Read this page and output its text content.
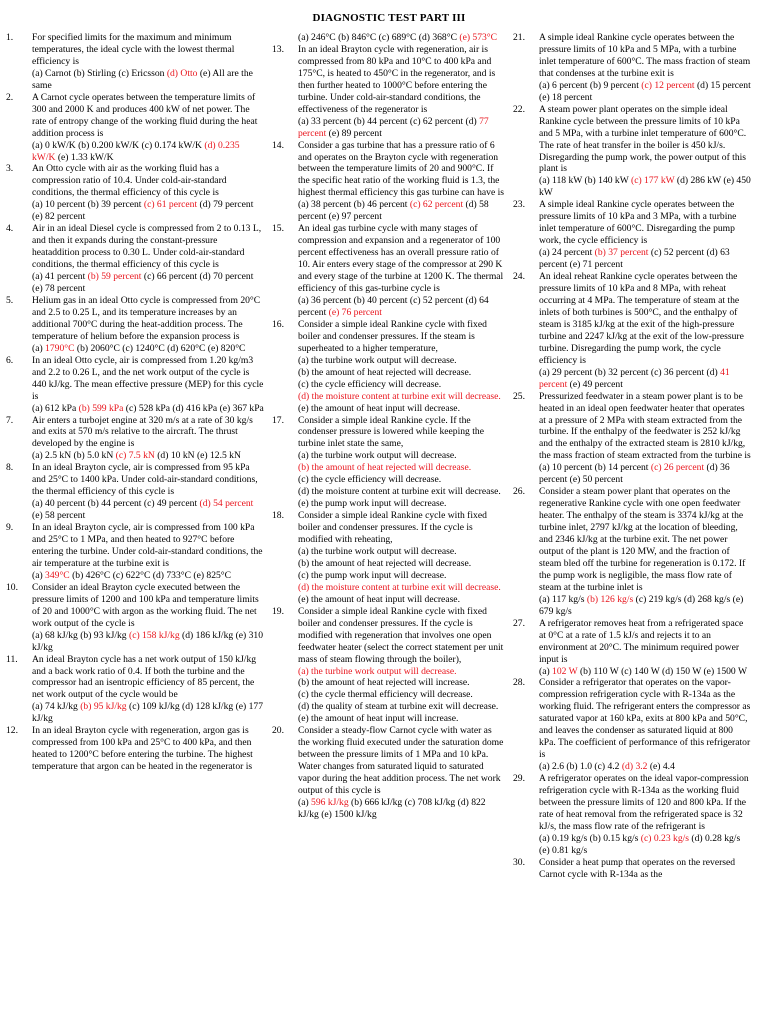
DIAGNOSTIC TEST PART III
1.	For specified limits for the maximum and minimum temperatures, the ideal cycle with the lowest thermal efficiency is
(a) Carnot (b) Stirling (c) Ericsson (d) Otto (e) All are the same
2.	A Carnot cycle operates between the temperature limits of 300 and 2000 K and produces 400 kW of net power. The rate of entropy change of the working fluid during the heat addition process is
(a) 0 kW/K (b) 0.200 kW/K (c) 0.174 kW/K (d) 0.235 kW/K (e) 1.33 kW/K
3.	An Otto cycle with air as the working fluid has a compression ratio of 10.4. Under cold-air-standard conditions, the thermal efficiency of this cycle is
(a) 10 percent (b) 39 percent (c) 61 percent (d) 79 percent (e) 82 percent
4.	Air in an ideal Diesel cycle is compressed from 2 to 0.13 L, and then it expands during the constant-pressure heataddition process to 0.30 L. Under cold-air-standard conditions, the thermal efficiency of this cycle is
(a) 41 percent (b) 59 percent (c) 66 percent (d) 70 percent (e) 78 percent
5.	Helium gas in an ideal Otto cycle is compressed from 20°C and 2.5 to 0.25 L, and its temperature increases by an additional 700°C during the heat-addition process. The temperature of helium before the expansion process is
(a) 1790°C (b) 2060°C (c) 1240°C (d) 620°C (e) 820°C
6.	In an ideal Otto cycle, air is compressed from 1.20 kg/m3 and 2.2 to 0.26 L, and the net work output of the cycle is 440 kJ/kg. The mean effective pressure (MEP) for this cycle is
(a) 612 kPa (b) 599 kPa (c) 528 kPa (d) 416 kPa (e) 367 kPa
7.	Air enters a turbojet engine at 320 m/s at a rate of 30 kg/s and exits at 570 m/s relative to the aircraft. The thrust developed by the engine is
(a) 2.5 kN (b) 5.0 kN (c) 7.5 kN (d) 10 kN (e) 12.5 kN
8.	In an ideal Brayton cycle, air is compressed from 95 kPa and 25°C to 1400 kPa. Under cold-air-standard conditions, the thermal efficiency of this cycle is
(a) 40 percent (b) 44 percent (c) 49 percent (d) 54 percent (e) 58 percent
9.	In an ideal Brayton cycle, air is compressed from 100 kPa and 25°C to 1 MPa, and then heated to 927°C before entering the turbine. Under cold-air-standard conditions, the air temperature at the turbine exit is
(a) 349°C (b) 426°C (c) 622°C (d) 733°C (e) 825°C
10.	Consider an ideal Brayton cycle executed between the pressure limits of 1200 and 100 kPa and temperature limits of 20 and 1000°C with argon as the working fluid. The net work output of the cycle is
(a) 68 kJ/kg (b) 93 kJ/kg (c) 158 kJ/kg (d) 186 kJ/kg (e) 310 kJ/kg
11.	An ideal Brayton cycle has a net work output of 150 kJ/kg and a back work ratio of 0.4. If both the turbine and the compressor had an isentropic efficiency of 85 percent, the net work output of the cycle would be
(a) 74 kJ/kg (b) 95 kJ/kg (c) 109 kJ/kg (d) 128 kJ/kg (e) 177 kJ/kg
12.	In an ideal Brayton cycle with regeneration, argon gas is compressed from 100 kPa and 25°C to 400 kPa, and then heated to 1200°C before entering the turbine. The highest temperature that argon can be heated in the regenerator is
(a) 246°C (b) 846°C (c) 689°C (d) 368°C (e) 573°C
13.	In an ideal Brayton cycle with regeneration, air is compressed from 80 kPa and 10°C to 400 kPa and 175°C, is heated to 450°C in the regenerator, and is then further heated to 1000°C before entering the turbine. Under cold-air-standard conditions, the effectiveness of the regenerator is
(a) 33 percent (b) 44 percent (c) 62 percent (d) 77 percent (e) 89 percent
14.	Consider a gas turbine that has a pressure ratio of 6 and operates on the Brayton cycle with regeneration between the temperature limits of 20 and 900°C. If the specific heat ratio of the working fluid is 1.3, the highest thermal efficiency this gas turbine can have is
(a) 38 percent (b) 46 percent (c) 62 percent (d) 58 percent (e) 97 percent
15.	An ideal gas turbine cycle with many stages of compression and expansion and a regenerator of 100 percent effectiveness has an overall pressure ratio of 10. Air enters every stage of the compressor at 290 K and every stage of the turbine at 1200 K. The thermal efficiency of this gas-turbine cycle is
(a) 36 percent (b) 40 percent (c) 52 percent (d) 64 percent (e) 76 percent
16.	Consider a simple ideal Rankine cycle with fixed boiler and condenser pressures. If the steam is superheated to a higher temperature,
(a) the turbine work output will decrease.
(b) the amount of heat rejected will decrease.
(c) the cycle efficiency will decrease.
(d) the moisture content at turbine exit will decrease.
(e) the amount of heat input will decrease.
17.	Consider a simple ideal Rankine cycle. If the condenser pressure is lowered while keeping the turbine inlet state the same,
(a) the turbine work output will decrease.
(b) the amount of heat rejected will decrease.
(c) the cycle efficiency will decrease.
(d) the moisture content at turbine exit will decrease.
(e) the pump work input will decrease.
18.	Consider a simple ideal Rankine cycle with fixed boiler and condenser pressures. If the cycle is modified with reheating,
(a) the turbine work output will decrease.
(b) the amount of heat rejected will decrease.
(c) the pump work input will decrease.
(d) the moisture content at turbine exit will decrease.
(e) the amount of heat input will decrease.
19.	Consider a simple ideal Rankine cycle with fixed boiler and condenser pressures. If the cycle is modified with regeneration that involves one open feedwater heater (select the correct statement per unit mass of steam flowing through the boiler),
(a) the turbine work output will decrease.
(b) the amount of heat rejected will increase.
(c) the cycle thermal efficiency will decrease.
(d) the quality of steam at turbine exit will decrease.
(e) the amount of heat input will increase.
20.	Consider a steady-flow Carnot cycle with water as the working fluid executed under the saturation dome between the pressure limits of 1 MPa and 10 kPa. Water changes from saturated liquid to saturated vapor during the heat addition process. The net work output of this cycle is
(a) 596 kJ/kg (b) 666 kJ/kg (c) 708 kJ/kg (d) 822 kJ/kg (e) 1500 kJ/kg
21.	A simple ideal Rankine cycle operates between the pressure limits of 10 kPa and 5 MPa, with a turbine inlet temperature of 600°C. The mass fraction of steam that condenses at the turbine exit is
(a) 6 percent (b) 9 percent (c) 12 percent (d) 15 percent (e) 18 percent
22.	A steam power plant operates on the simple ideal Rankine cycle between the pressure limits of 10 kPa and 5 MPa, with a turbine inlet temperature of 600°C. The rate of heat transfer in the boiler is 450 kJ/s. Disregarding the pump work, the power output of this plant is
(a) 118 kW (b) 140 kW (c) 177 kW (d) 286 kW (e) 450 kW
23.	A simple ideal Rankine cycle operates between the pressure limits of 10 kPa and 3 MPa, with a turbine inlet temperature of 600°C. Disregarding the pump work, the cycle efficiency is
(a) 24 percent (b) 37 percent (c) 52 percent (d) 63 percent (e) 71 percent
24.	An ideal reheat Rankine cycle operates between the pressure limits of 10 kPa and 8 MPa, with reheat occurring at 4 MPa. The temperature of steam at the inlets of both turbines is 500°C, and the enthalpy of steam is 3185 kJ/kg at the exit of the high-pressure turbine and 2247 kJ/kg at the exit of the low-pressure turbine. Disregarding the pump work, the cycle efficiency is
(a) 29 percent (b) 32 percent (c) 36 percent (d) 41 percent (e) 49 percent
25.	Pressurized feedwater in a steam power plant is to be heated in an ideal open feedwater heater that operates at a pressure of 2 MPa with steam extracted from the turbine. If the enthalpy of the feedwater is 252 kJ/kg and the enthalpy of the extracted steam is 2810 kJ/kg, the mass fraction of steam extracted from the turbine is
(a) 10 percent (b) 14 percent (c) 26 percent (d) 36 percent (e) 50 percent
26.	Consider a steam power plant that operates on the regenerative Rankine cycle with one open feedwater heater. The enthalpy of the steam is 3374 kJ/kg at the turbine inlet, 2797 kJ/kg at the location of bleeding, and 2346 kJ/kg at the turbine exit. The net power output of the plant is 120 MW, and the fraction of steam bled off the turbine for regeneration is 0.172. If the pump work is negligible, the mass flow rate of steam at the turbine inlet is
(a) 117 kg/s (b) 126 kg/s (c) 219 kg/s (d) 268 kg/s (e) 679 kg/s
27.	A refrigerator removes heat from a refrigerated space at 0°C at a rate of 1.5 kJ/s and rejects it to an environment at 20°C. The minimum required power input is
(a) 102 W (b) 110 W (c) 140 W (d) 150 W (e) 1500 W
28.	Consider a refrigerator that operates on the vapor-compression refrigeration cycle with R-134a as the working fluid. The refrigerant enters the compressor as saturated vapor at 160 kPa, exits at 800 kPa and 50°C, and leaves the condenser as saturated liquid at 800 kPa. The coefficient of performance of this refrigerator is
(a) 2.6 (b) 1.0 (c) 4.2 (d) 3.2 (e) 4.4
29.	A refrigerator operates on the ideal vapor-compression refrigeration cycle with R-134a as the working fluid between the pressure limits of 120 and 800 kPa. If the rate of heat removal from the refrigerated space is 32 kJ/s, the mass flow rate of the refrigerant is
(a) 0.19 kg/s (b) 0.15 kg/s (c) 0.23 kg/s (d) 0.28 kg/s (e) 0.81 kg/s
30.	Consider a heat pump that operates on the reversed Carnot cycle with R-134a as the
